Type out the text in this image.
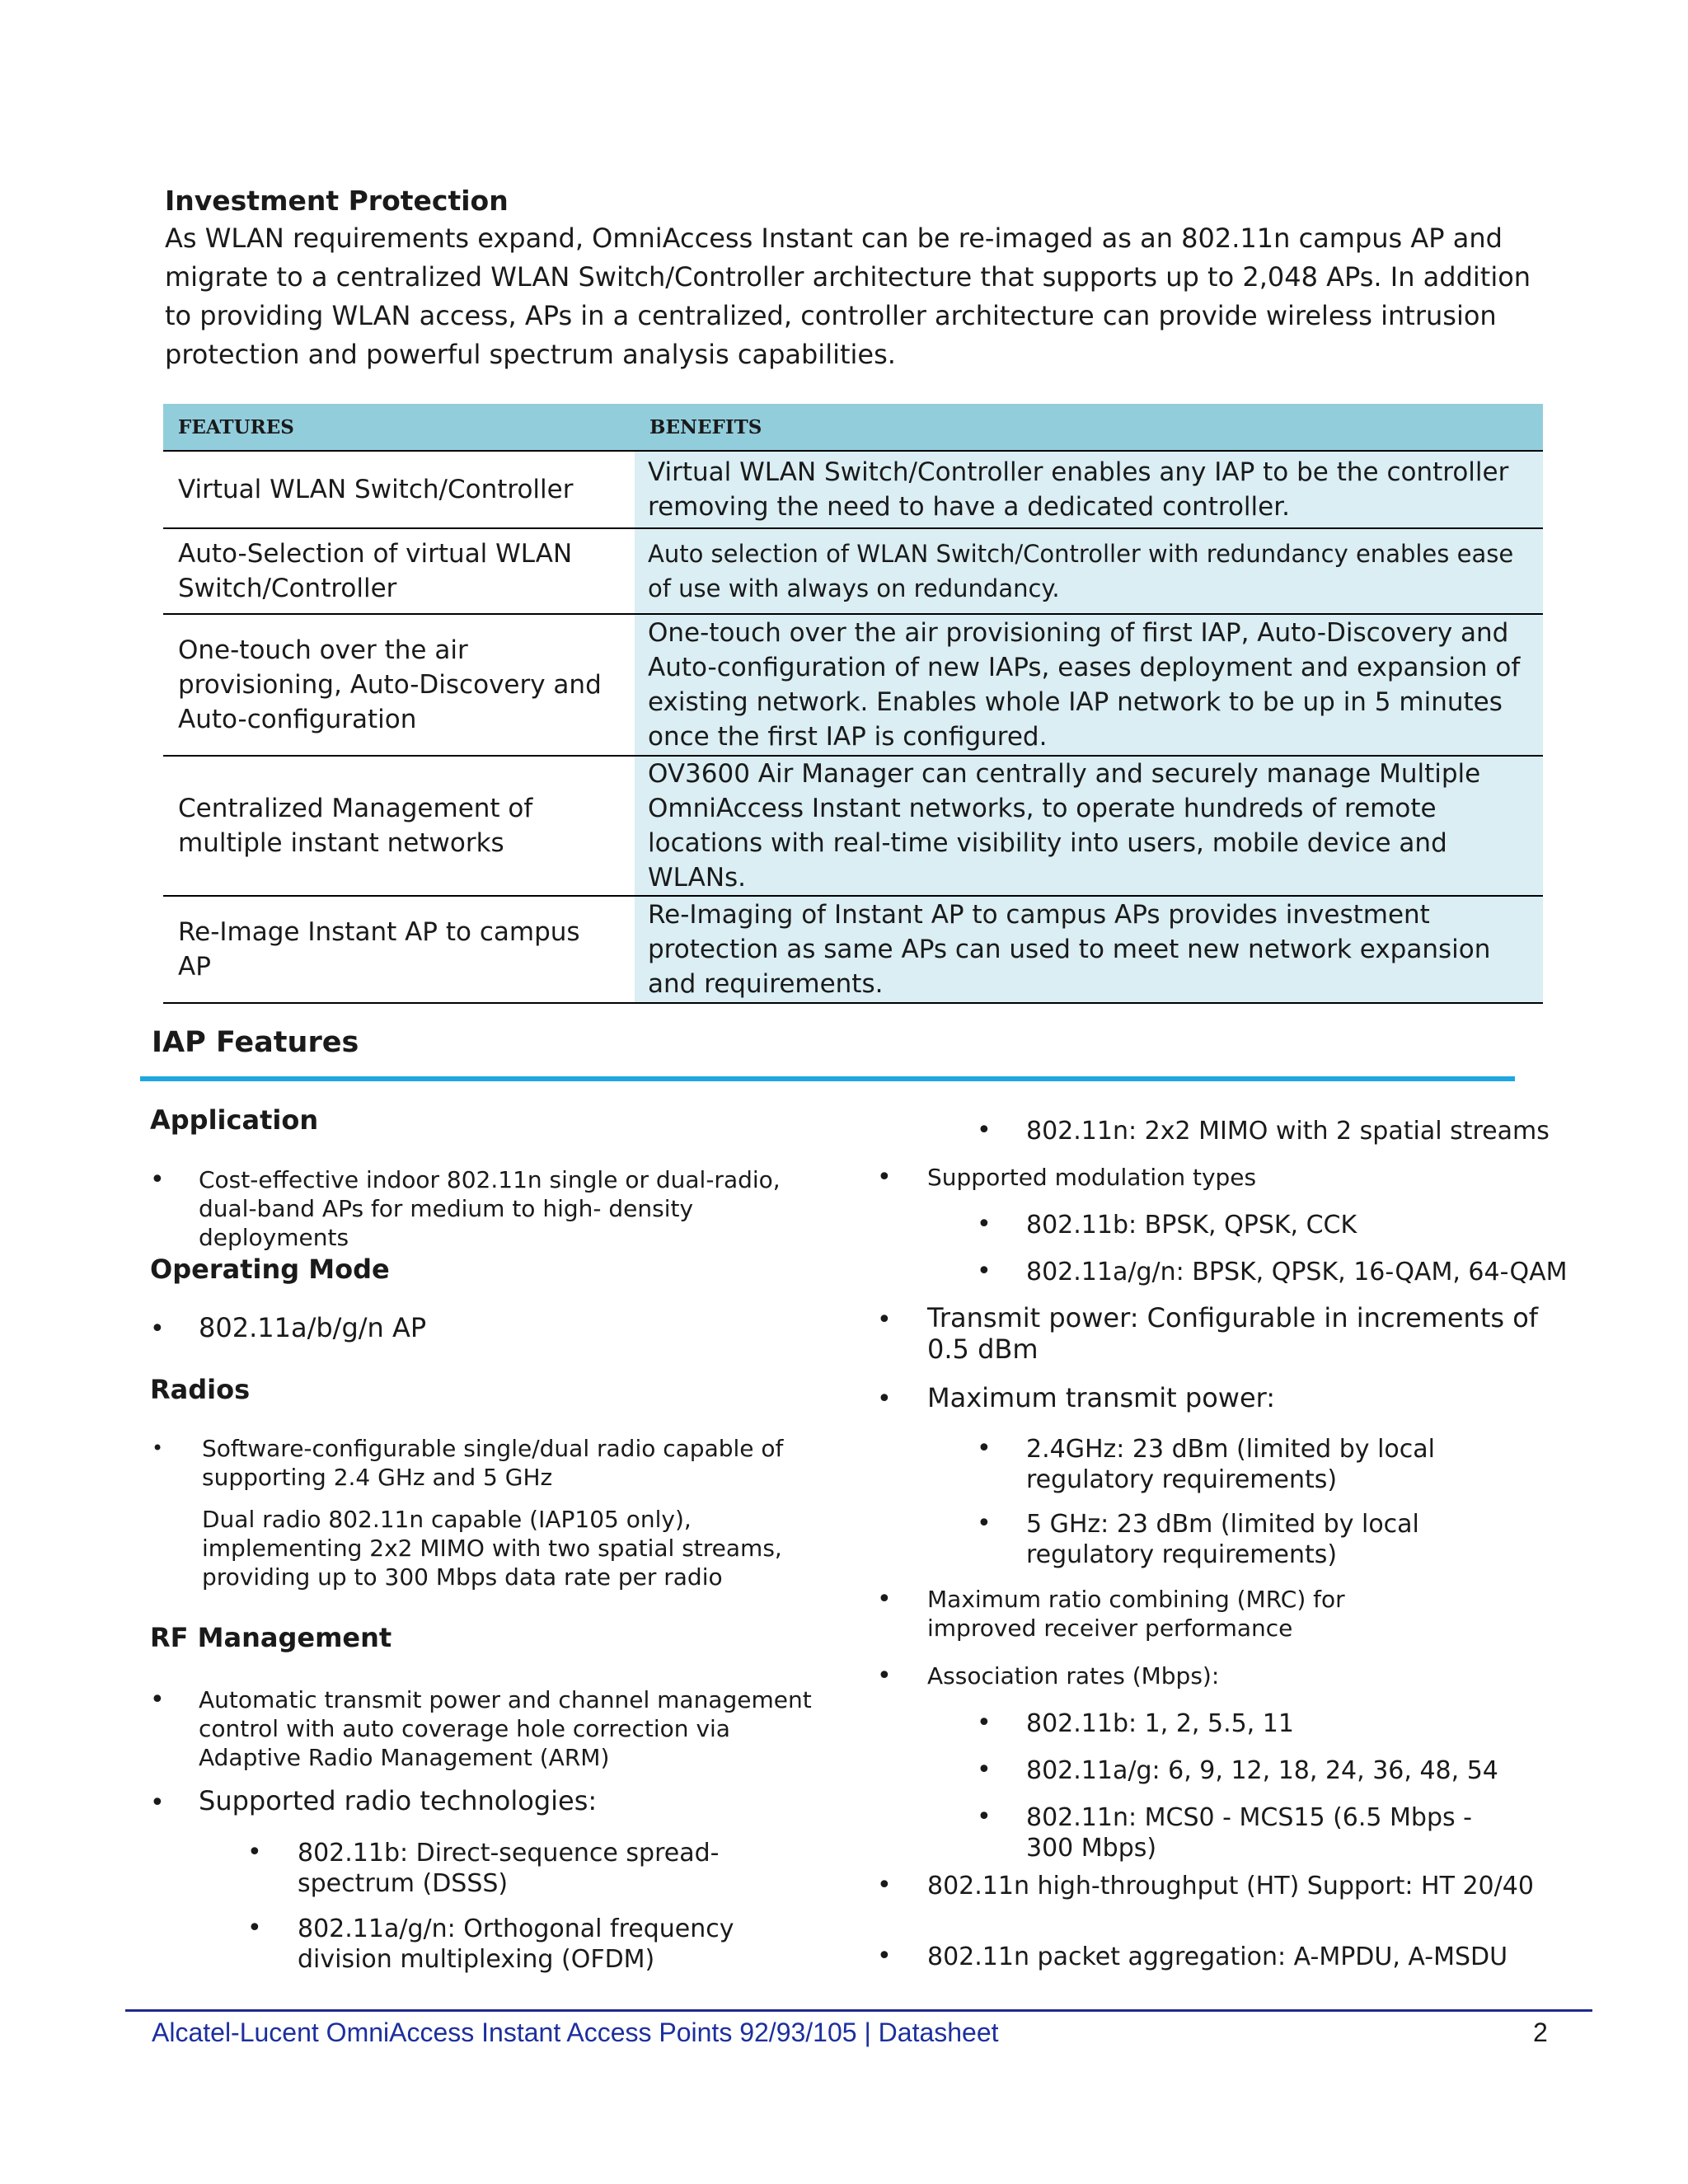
Investment Protection
As WLAN requirements expand, OmniAccess Instant can be re-imaged as an 802.11n campus AP and migrate to a centralized WLAN Switch/Controller architecture that supports up to 2,048 APs. In addition to providing WLAN access, APs in a centralized, controller architecture can provide wireless intrusion protection and powerful spectrum analysis capabilities.
FEATURES	BENEFITS
Virtual WLAN Switch/Controller	Virtual WLAN Switch/Controller enables any IAP to be the controller removing the need to have a dedicated controller.
Auto-Selection of virtual WLAN Switch/Controller	Auto selection of WLAN Switch/Controller with redundancy enables ease of use with always on redundancy.
One-touch over the air provisioning, Auto-Discovery and Auto-configuration	One-touch over the air provisioning of first IAP, Auto-Discovery and Auto-configuration of new IAPs, eases deployment and expansion of existing network. Enables whole IAP network to be up in 5 minutes once the first IAP is configured.
Centralized Management of multiple instant networks	OV3600 Air Manager can centrally and securely manage Multiple OmniAccess Instant networks, to operate hundreds of remote locations with real-time visibility into users, mobile device and WLANs.
Re-Image Instant AP to campus AP	Re-Imaging of Instant AP to campus APs provides investment protection as same APs can used to meet new network expansion and requirements.
IAP Features
Application
• Cost-effective indoor 802.11n single or dual-radio, dual-band APs for medium to high- density deployments
Operating Mode
• 802.11a/b/g/n AP
Radios
• Software-configurable single/dual radio capable of supporting 2.4 GHz and 5 GHz
Dual radio 802.11n capable (IAP105 only), implementing 2x2 MIMO with two spatial streams, providing up to 300 Mbps data rate per radio
RF Management
• Automatic transmit power and channel management control with auto coverage hole correction via Adaptive Radio Management (ARM)
• Supported radio technologies:
• 802.11b: Direct-sequence spread-spectrum (DSSS)
• 802.11a/g/n: Orthogonal frequency division multiplexing (OFDM)
• 802.11n: 2x2 MIMO with 2 spatial streams
• Supported modulation types
• 802.11b: BPSK, QPSK, CCK
• 802.11a/g/n: BPSK, QPSK, 16-QAM, 64-QAM
• Transmit power: Configurable in increments of 0.5 dBm
• Maximum transmit power:
• 2.4GHz: 23 dBm (limited by local regulatory requirements)
• 5 GHz: 23 dBm (limited by local regulatory requirements)
• Maximum ratio combining (MRC) for improved receiver performance
• Association rates (Mbps):
• 802.11b: 1, 2, 5.5, 11
• 802.11a/g: 6, 9, 12, 18, 24, 36, 48, 54
• 802.11n: MCS0 - MCS15 (6.5 Mbps - 300 Mbps)
• 802.11n high-throughput (HT) Support: HT 20/40
• 802.11n packet aggregation: A-MPDU, A-MSDU
Alcatel-Lucent OmniAccess Instant Access Points 92/93/105 | Datasheet	2
